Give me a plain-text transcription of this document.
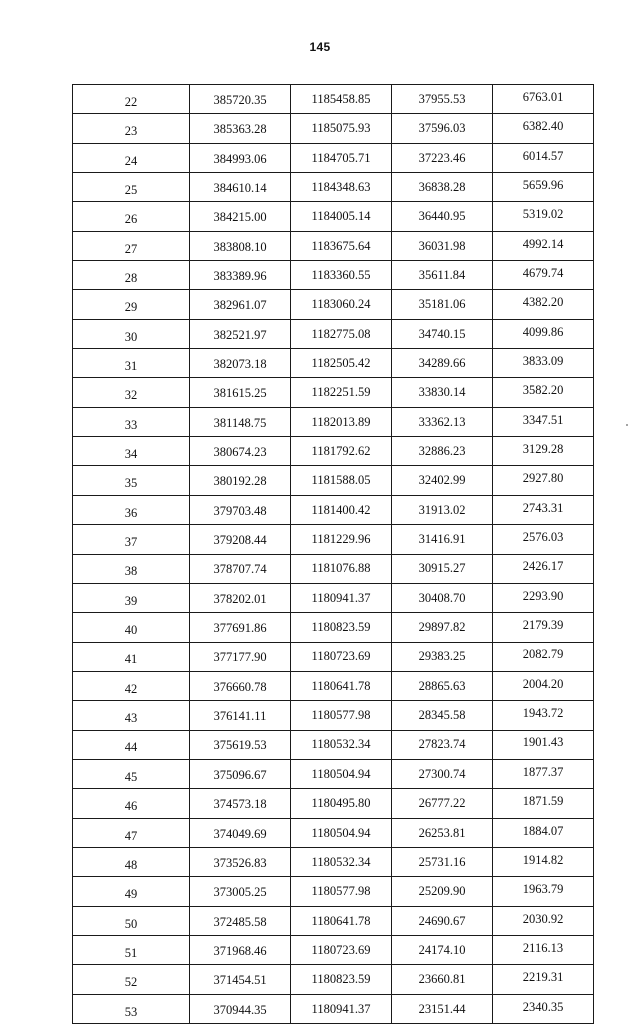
145
22	385720.35	1185458.85	37955.53	6763.01
23	385363.28	1185075.93	37596.03	6382.40
24	384993.06	1184705.71	37223.46	6014.57
25	384610.14	1184348.63	36838.28	5659.96
26	384215.00	1184005.14	36440.95	5319.02
27	383808.10	1183675.64	36031.98	4992.14
28	383389.96	1183360.55	35611.84	4679.74
29	382961.07	1183060.24	35181.06	4382.20
30	382521.97	1182775.08	34740.15	4099.86
31	382073.18	1182505.42	34289.66	3833.09
32	381615.25	1182251.59	33830.14	3582.20
33	381148.75	1182013.89	33362.13	3347.51
34	380674.23	1181792.62	32886.23	3129.28
35	380192.28	1181588.05	32402.99	2927.80
36	379703.48	1181400.42	31913.02	2743.31
37	379208.44	1181229.96	31416.91	2576.03
38	378707.74	1181076.88	30915.27	2426.17
39	378202.01	1180941.37	30408.70	2293.90
40	377691.86	1180823.59	29897.82	2179.39
41	377177.90	1180723.69	29383.25	2082.79
42	376660.78	1180641.78	28865.63	2004.20
43	376141.11	1180577.98	28345.58	1943.72
44	375619.53	1180532.34	27823.74	1901.43
45	375096.67	1180504.94	27300.74	1877.37
46	374573.18	1180495.80	26777.22	1871.59
47	374049.69	1180504.94	26253.81	1884.07
48	373526.83	1180532.34	25731.16	1914.82
49	373005.25	1180577.98	25209.90	1963.79
50	372485.58	1180641.78	24690.67	2030.92
51	371968.46	1180723.69	24174.10	2116.13
52	371454.51	1180823.59	23660.81	2219.31
53	370944.35	1180941.37	23151.44	2340.35
